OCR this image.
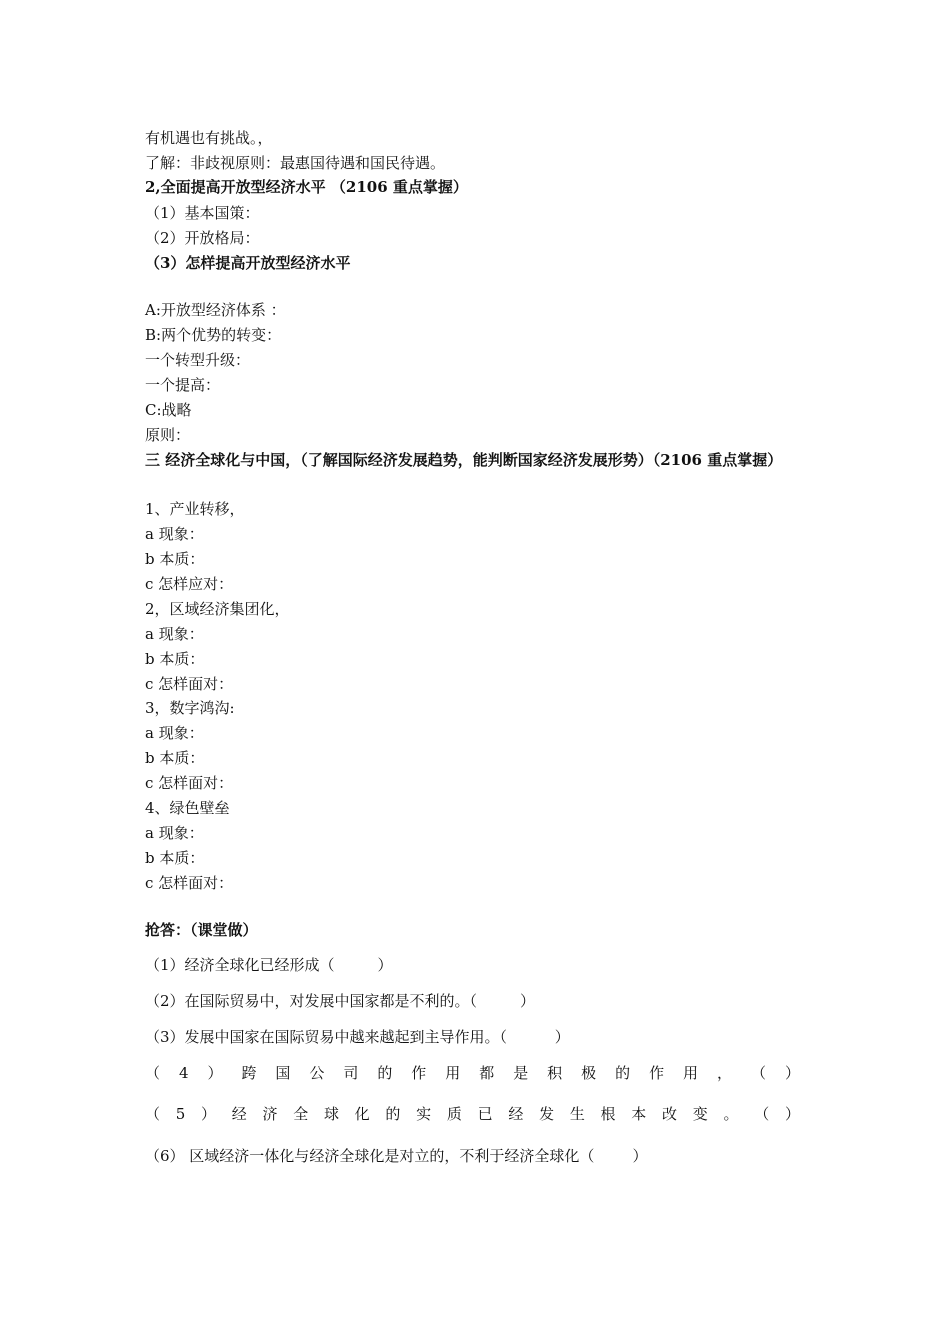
有机遇也有挑战。，
了解：非歧视原则：最惠国待遇和国民待遇。
2,全面提高开放型经济水平 （2106 重点掌握）
（1）基本国策：
（2）开放格局：
（3）怎样提高开放型经济水平
A:开放型经济体系 ：
B:两个优势的转变：
一个转型升级：
一个提高：
C:战略
原则：
三 经济全球化与中国，（了解国际经济发展趋势，能判断国家经济发展形势）（2106 重点掌握）
1、产业转移，
a 现象：
b 本质：
c 怎样应对：
2，区域经济集团化，
a 现象：
b 本质：
c 怎样面对：
3，数字鸿沟:
a 现象：
b 本质：
c 怎样面对：
4、绿色壁垒
a 现象：
b 本质：
c 怎样面对：
抢答：（课堂做）
（1）经济全球化已经形成（         ）
（2）在国际贸易中，对发展中国家都是不利的。（         ）
（3）发展中国家在国际贸易中越来越起到主导作用。（          ）
（ 4 ） 跨 国 公 司 的 作 用 都 是 积 极 的 作 用 ， （ ）
（ 5 ） 经 济 全 球 化 的 实 质 已 经 发 生 根 本 改 变 。 （ ）
（6） 区域经济一体化与经济全球化是对立的，不利于经济全球化（        ）
